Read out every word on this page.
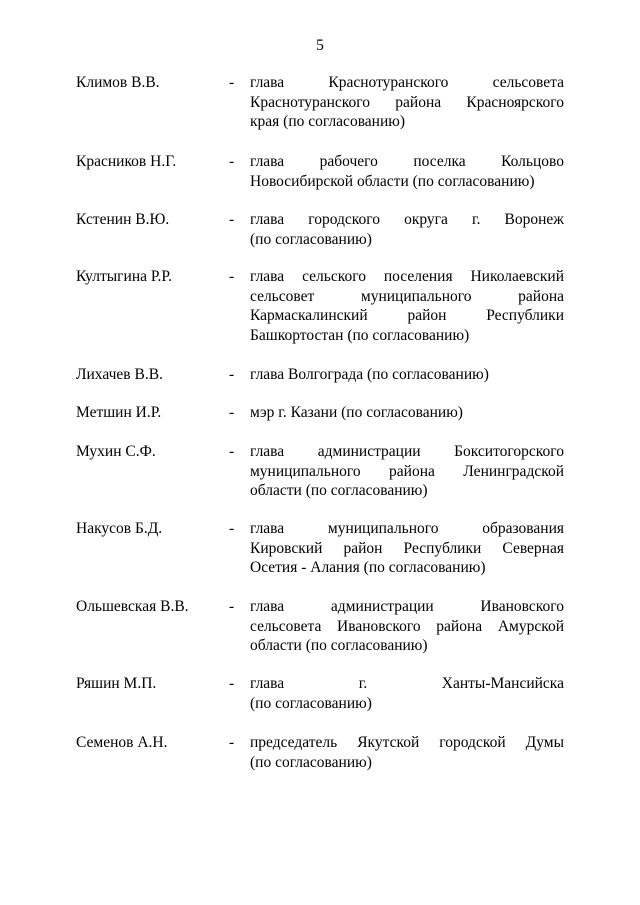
5
Климов В.В.	- глава Краснотуранского сельсовета
Краснотуранского района Красноярского
края (по согласованию)
Красников Н.Г.	- глава рабочего поселка Кольцово
Новосибирской области (по согласованию)
Кстенин В.Ю.	- глава городского округа г. Воронеж
(по согласованию)
Култыгина Р.Р.	- глава сельского поселения Николаевский
сельсовет муниципального района
Кармаскалинский район Республики
Башкортостан (по согласованию)
Лихачев В.В.	- глава Волгограда (по согласованию)
Метшин И.Р.	- мэр г. Казани (по согласованию)
Мухин С.Ф.	- глава администрации Бокситогорского
муниципального района Ленинградской
области (по согласованию)
Накусов Б.Д.	- глава муниципального образования
Кировский район Республики Северная
Осетия - Алания (по согласованию)
Ольшевская В.В.	- глава администрации Ивановского
сельсовета Ивановского района Амурской
области (по согласованию)
Ряшин М.П.	- глава г. Ханты-Мансийска
(по согласованию)
Семенов А.Н.	- председатель Якутской городской Думы
(по согласованию)
